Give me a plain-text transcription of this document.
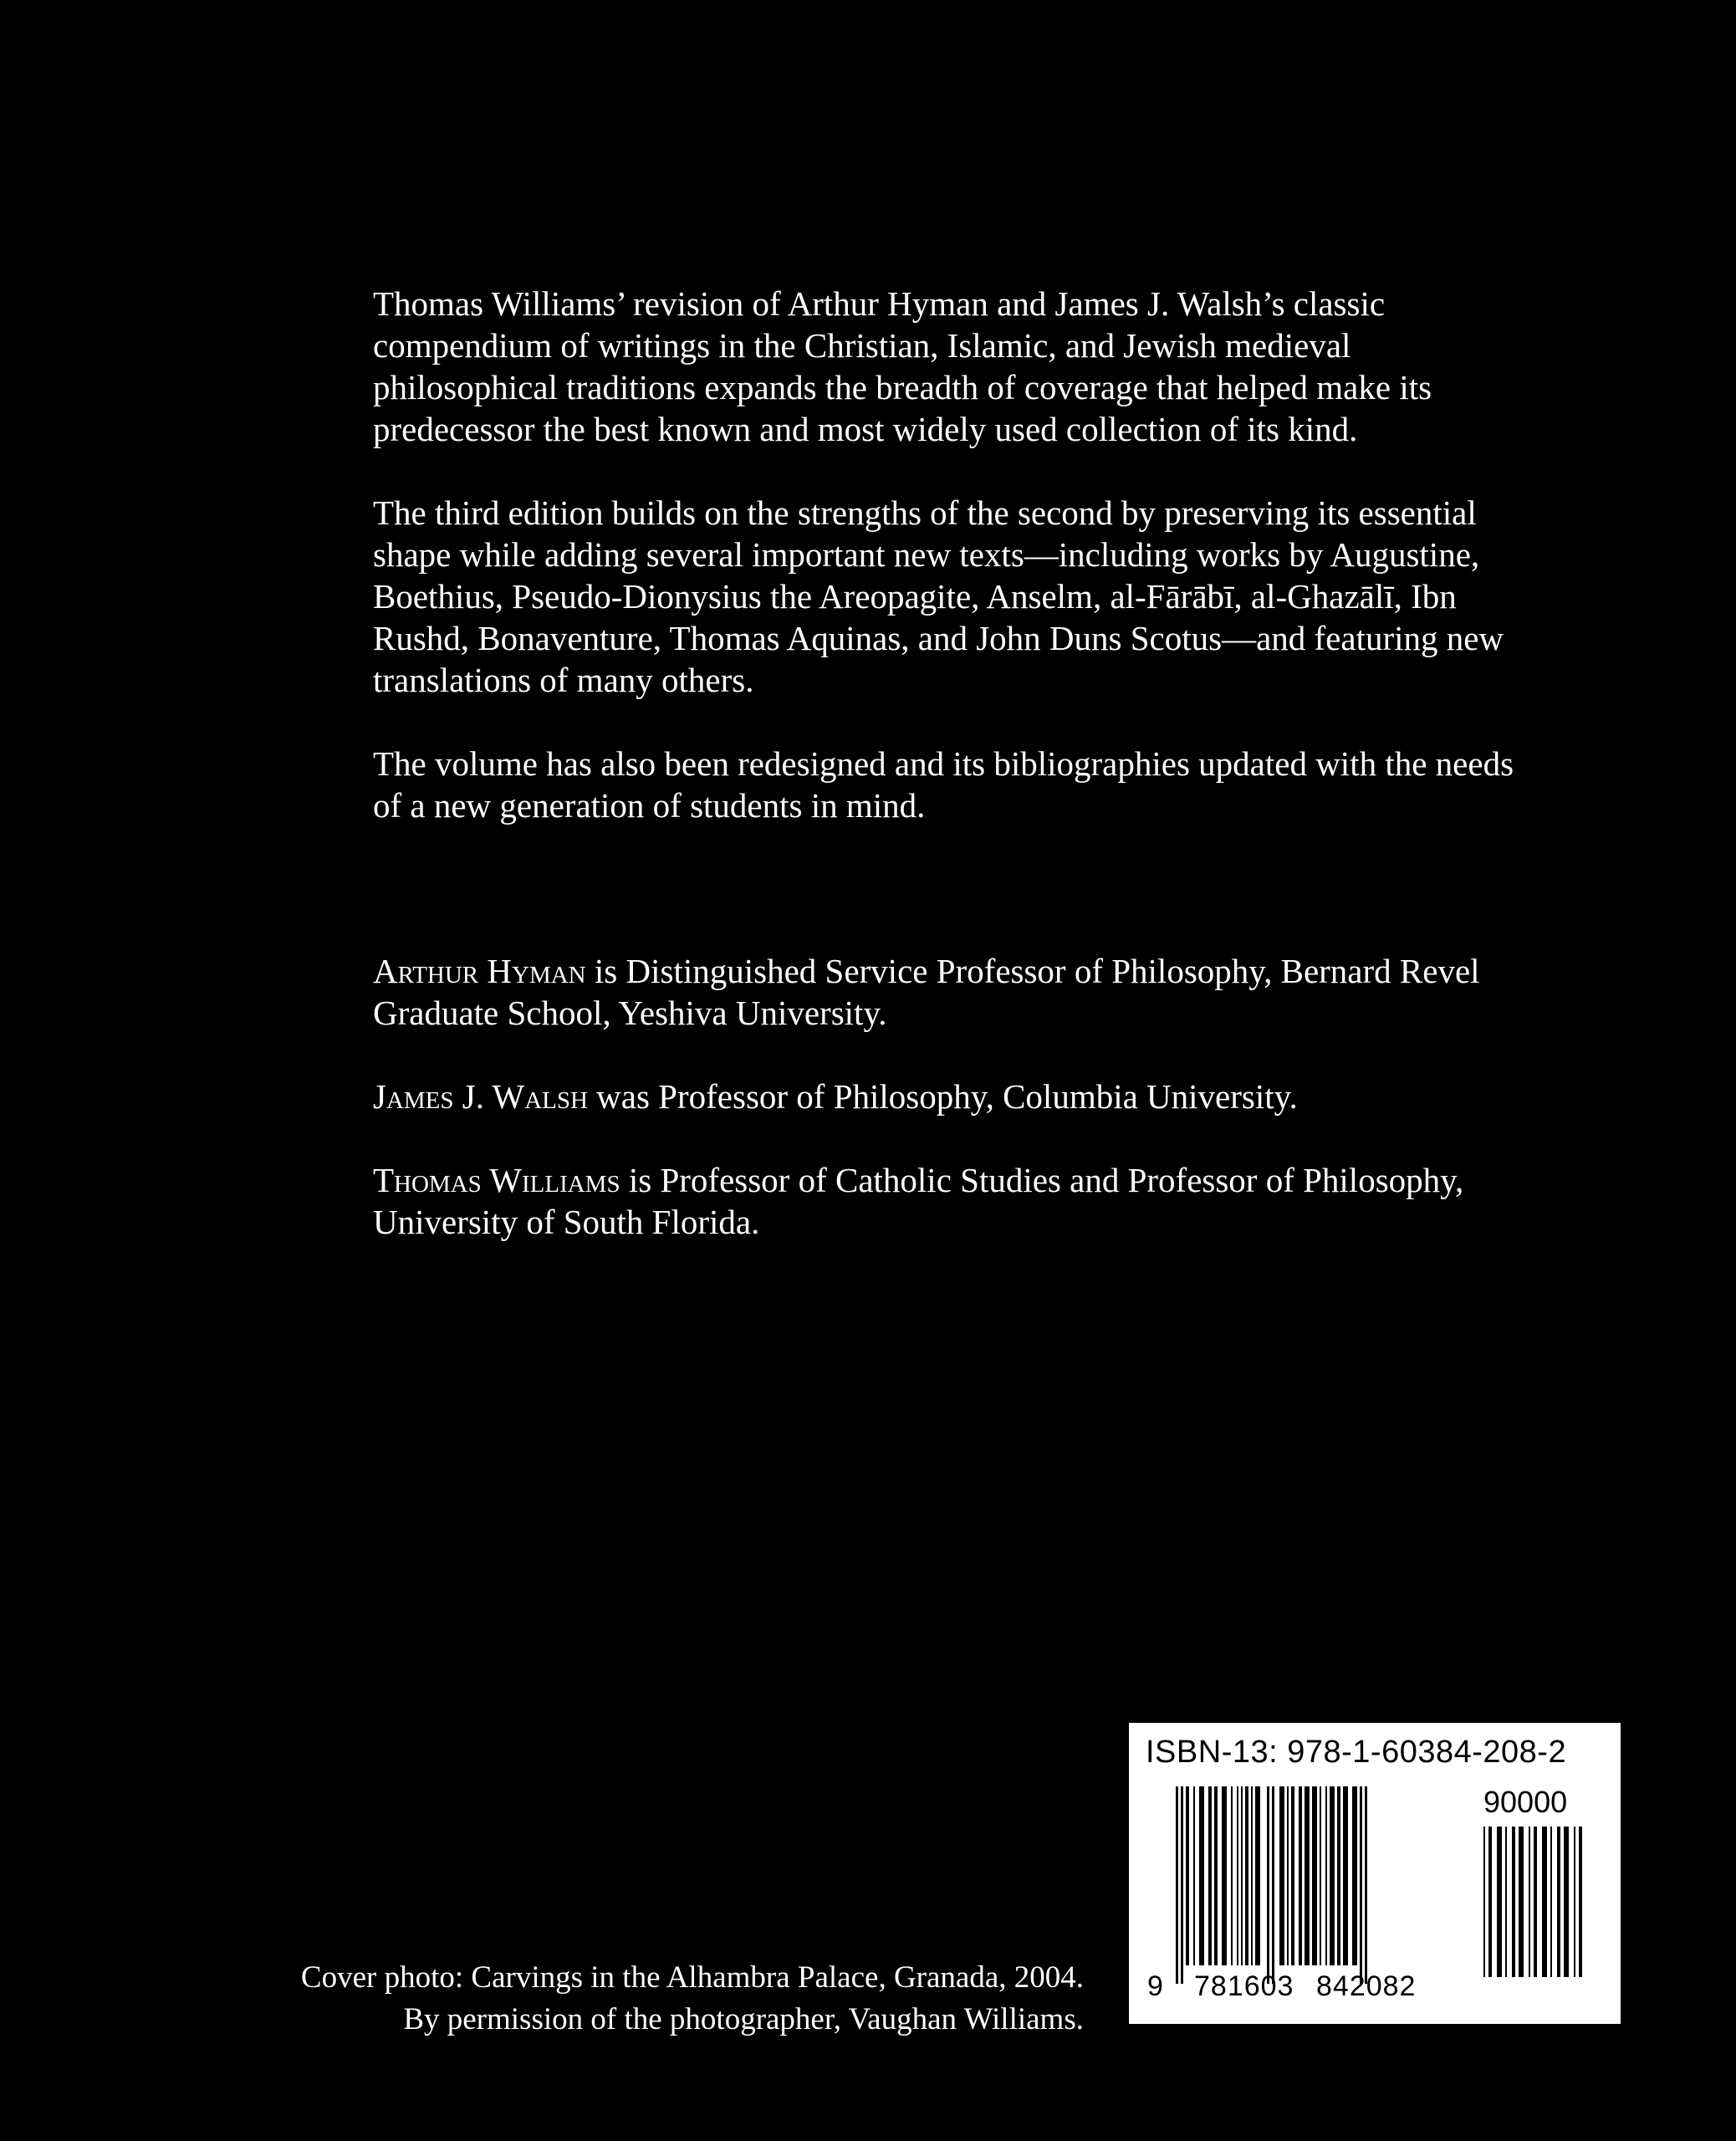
Thomas Williams’ revision of Arthur Hyman and James J. Walsh’s classic compendium of writings in the Christian, Islamic, and Jewish medieval philosophical traditions expands the breadth of coverage that helped make its predecessor the best known and most widely used collection of its kind.

The third edition builds on the strengths of the second by preserving its essential shape while adding several important new texts—including works by Augustine, Boethius, Pseudo-Dionysius the Areopagite, Anselm, al-Fārābī, al-Ghazālī, Ibn Rushd, Bonaventure, Thomas Aquinas, and John Duns Scotus—and featuring new translations of many others.

The volume has also been redesigned and its bibliographies updated with the needs of a new generation of students in mind.

Arthur Hyman is Distinguished Service Professor of Philosophy, Bernard Revel Graduate School, Yeshiva University.

James J. Walsh was Professor of Philosophy, Columbia University.

Thomas Williams is Professor of Catholic Studies and Professor of Philosophy, University of South Florida.

Cover photo: Carvings in the Alhambra Palace, Granada, 2004.
By permission of the photographer, Vaughan Williams.
ISBN-13: 978-1-60384-208-2
90000
9 781603 842082
